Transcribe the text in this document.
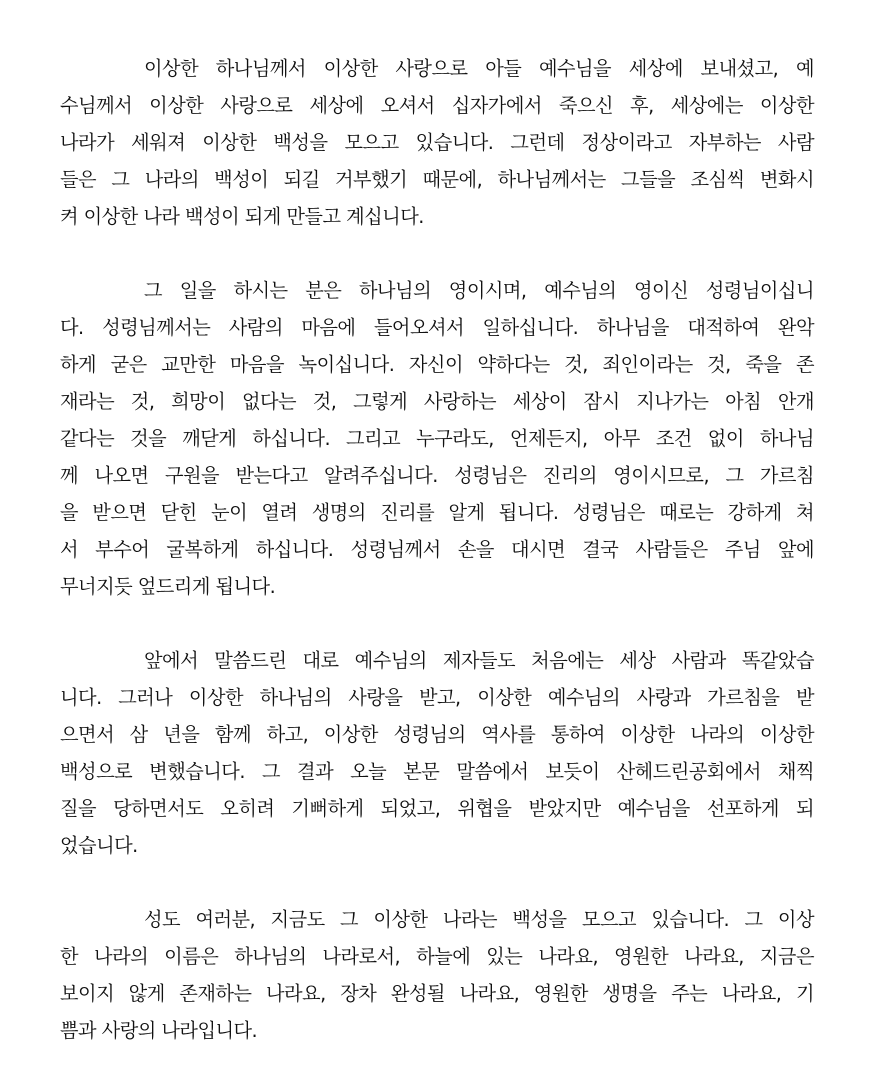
이상한 하나님께서 이상한 사랑으로 아들 예수님을 세상에 보내셨고, 예
수님께서 이상한 사랑으로 세상에 오셔서 십자가에서 죽으신 후, 세상에는 이상한
나라가 세워져 이상한 백성을 모으고 있습니다. 그런데 정상이라고 자부하는 사람
들은 그 나라의 백성이 되길 거부했기 때문에, 하나님께서는 그들을 조심씩 변화시
켜 이상한 나라 백성이 되게 만들고 계십니다.
그 일을 하시는 분은 하나님의 영이시며, 예수님의 영이신 성령님이십니
다. 성령님께서는 사람의 마음에 들어오셔서 일하십니다. 하나님을 대적하여 완악
하게 굳은 교만한 마음을 녹이십니다. 자신이 약하다는 것, 죄인이라는 것, 죽을 존
재라는 것, 희망이 없다는 것, 그렇게 사랑하는 세상이 잠시 지나가는 아침 안개
같다는 것을 깨닫게 하십니다. 그리고 누구라도, 언제든지, 아무 조건 없이 하나님
께 나오면 구원을 받는다고 알려주십니다. 성령님은 진리의 영이시므로, 그 가르침
을 받으면 닫힌 눈이 열려 생명의 진리를 알게 됩니다. 성령님은 때로는 강하게 쳐
서 부수어 굴복하게 하십니다. 성령님께서 손을 대시면 결국 사람들은 주님 앞에
무너지듯 엎드리게 됩니다.
앞에서 말씀드린 대로 예수님의 제자들도 처음에는 세상 사람과 똑같았습
니다. 그러나 이상한 하나님의 사랑을 받고, 이상한 예수님의 사랑과 가르침을 받
으면서 삼 년을 함께 하고, 이상한 성령님의 역사를 통하여 이상한 나라의 이상한
백성으로 변했습니다. 그 결과 오늘 본문 말씀에서 보듯이 산헤드린공회에서 채찍
질을 당하면서도 오히려 기뻐하게 되었고, 위협을 받았지만 예수님을 선포하게 되
었습니다.
성도 여러분, 지금도 그 이상한 나라는 백성을 모으고 있습니다. 그 이상
한 나라의 이름은 하나님의 나라로서, 하늘에 있는 나라요, 영원한 나라요, 지금은
보이지 않게 존재하는 나라요, 장차 완성될 나라요, 영원한 생명을 주는 나라요, 기
쁨과 사랑의 나라입니다.
